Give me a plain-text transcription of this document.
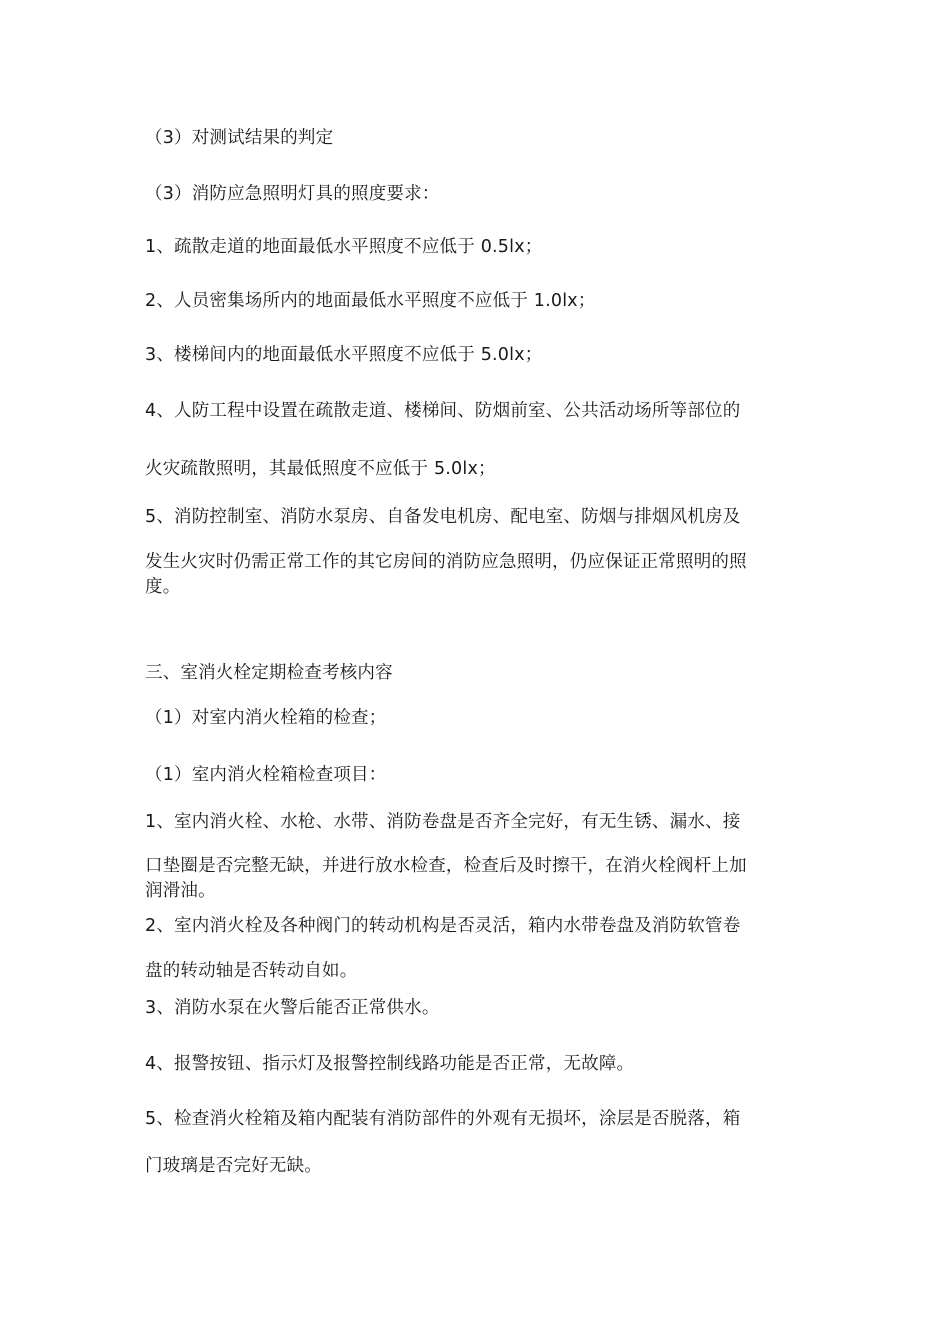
（3）对测试结果的判定
（3）消防应急照明灯具的照度要求：
1、疏散走道的地面最低水平照度不应低于 0.5lx；
2、人员密集场所内的地面最低水平照度不应低于 1.0lx；
3、楼梯间内的地面最低水平照度不应低于 5.0lx；
4、人防工程中设置在疏散走道、楼梯间、防烟前室、公共活动场所等部位的
火灾疏散照明，其最低照度不应低于 5.0lx；
5、消防控制室、消防水泵房、自备发电机房、配电室、防烟与排烟风机房及
发生火灾时仍需正常工作的其它房间的消防应急照明，仍应保证正常照明的照
度。
三、室消火栓定期检查考核内容
（1）对室内消火栓箱的检查；
（1）室内消火栓箱检查项目：
1、室内消火栓、水枪、水带、消防卷盘是否齐全完好，有无生锈、漏水、接
口垫圈是否完整无缺，并进行放水检查，检查后及时擦干，在消火栓阀杆上加
润滑油。
2、室内消火栓及各种阀门的转动机构是否灵活，箱内水带卷盘及消防软管卷
盘的转动轴是否转动自如。
3、消防水泵在火警后能否正常供水。
4、报警按钮、指示灯及报警控制线路功能是否正常，无故障。
5、检查消火栓箱及箱内配装有消防部件的外观有无损坏，涂层是否脱落，箱
门玻璃是否完好无缺。
